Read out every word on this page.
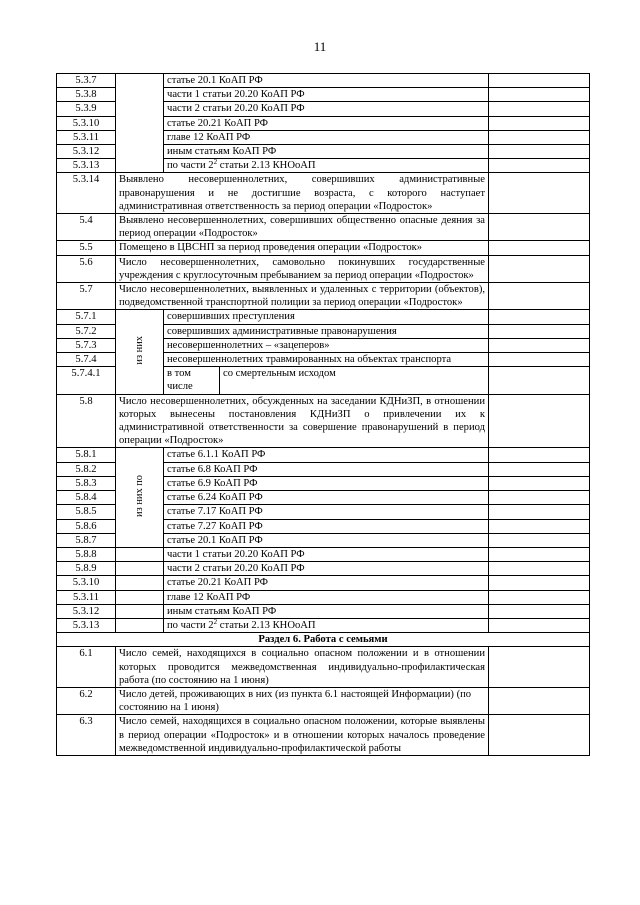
11
5.3.7		статье 20.1 КоАП РФ		
5.3.8		части 1 статьи 20.20 КоАП РФ		
5.3.9		части 2 статьи 20.20 КоАП РФ		
5.3.10		статье 20.21 КоАП РФ		
5.3.11		главе 12 КоАП РФ		
5.3.12		иным статьям КоАП РФ		
5.3.13		по части $2^2$ статьи 2.13 КНОоАП		
5.3.14	Выявлено несовершеннолетних, совершивших административные правонарушения и не достигшие возраста, с которого наступает административная ответственность за период операции «Подросток»			
5.4	Выявлено несовершеннолетних, совершивших общественно опасные деяния за период операции «Подросток»			
5.5	Помещено в ЦВСНП за период проведения операции «Подросток»			
5.6	Число несовершеннолетних, самовольно покинувших государственные учреждения с круглосуточным пребыванием за период операции «Подросток»			
5.7	Число несовершеннолетних, выявленных и удаленных с территории (объектов), подведомственной транспортной полиции за период операции «Подросток»			
5.7.1	из них	совершивших преступления		
5.7.2		совершивших административные правонарушения		
5.7.3		несовершеннолетних – «зацеперов»		
5.7.4		несовершеннолетних травмированных на объектах транспорта		
5.7.4.1		в том числе	со смертельным исходом	
5.8	Число несовершеннолетних, обсужденных на заседании КДНиЗП, в отношении которых вынесены постановления КДНиЗП о привлечении их к административной ответственности за совершение правонарушений в период операции «Подросток»			
5.8.1	из них по	статье 6.1.1 КоАП РФ		
5.8.2		статье 6.8 КоАП РФ		
5.8.3		статье 6.9 КоАП РФ		
5.8.4		статье 6.24 КоАП РФ		
5.8.5		статье 7.17 КоАП РФ		
5.8.6		статье 7.27 КоАП РФ		
5.8.7		статье 20.1 КоАП РФ		
5.8.8		части 1 статьи 20.20 КоАП РФ		
5.8.9		части 2 статьи 20.20 КоАП РФ		
5.3.10		статье 20.21 КоАП РФ		
5.3.11		главе 12 КоАП РФ		
5.3.12		иным статьям КоАП РФ		
5.3.13		по части $2^2$ статьи 2.13 КНОоАП		
Раздел 6. Работа с семьями				
6.1	Число семей, находящихся в социально опасном положении и в отношении которых проводится межведомственная индивидуально-профилактическая работа (по состоянию на 1 июня)			
6.2	Число детей, проживающих в них (из пункта 6.1 настоящей Информации) (по состоянию на 1 июня)			
6.3	Число семей, находящихся в социально опасном положении, которые выявлены в период операции «Подросток» и в отношении которых началось проведение межведомственной индивидуально-профилактической работы			
